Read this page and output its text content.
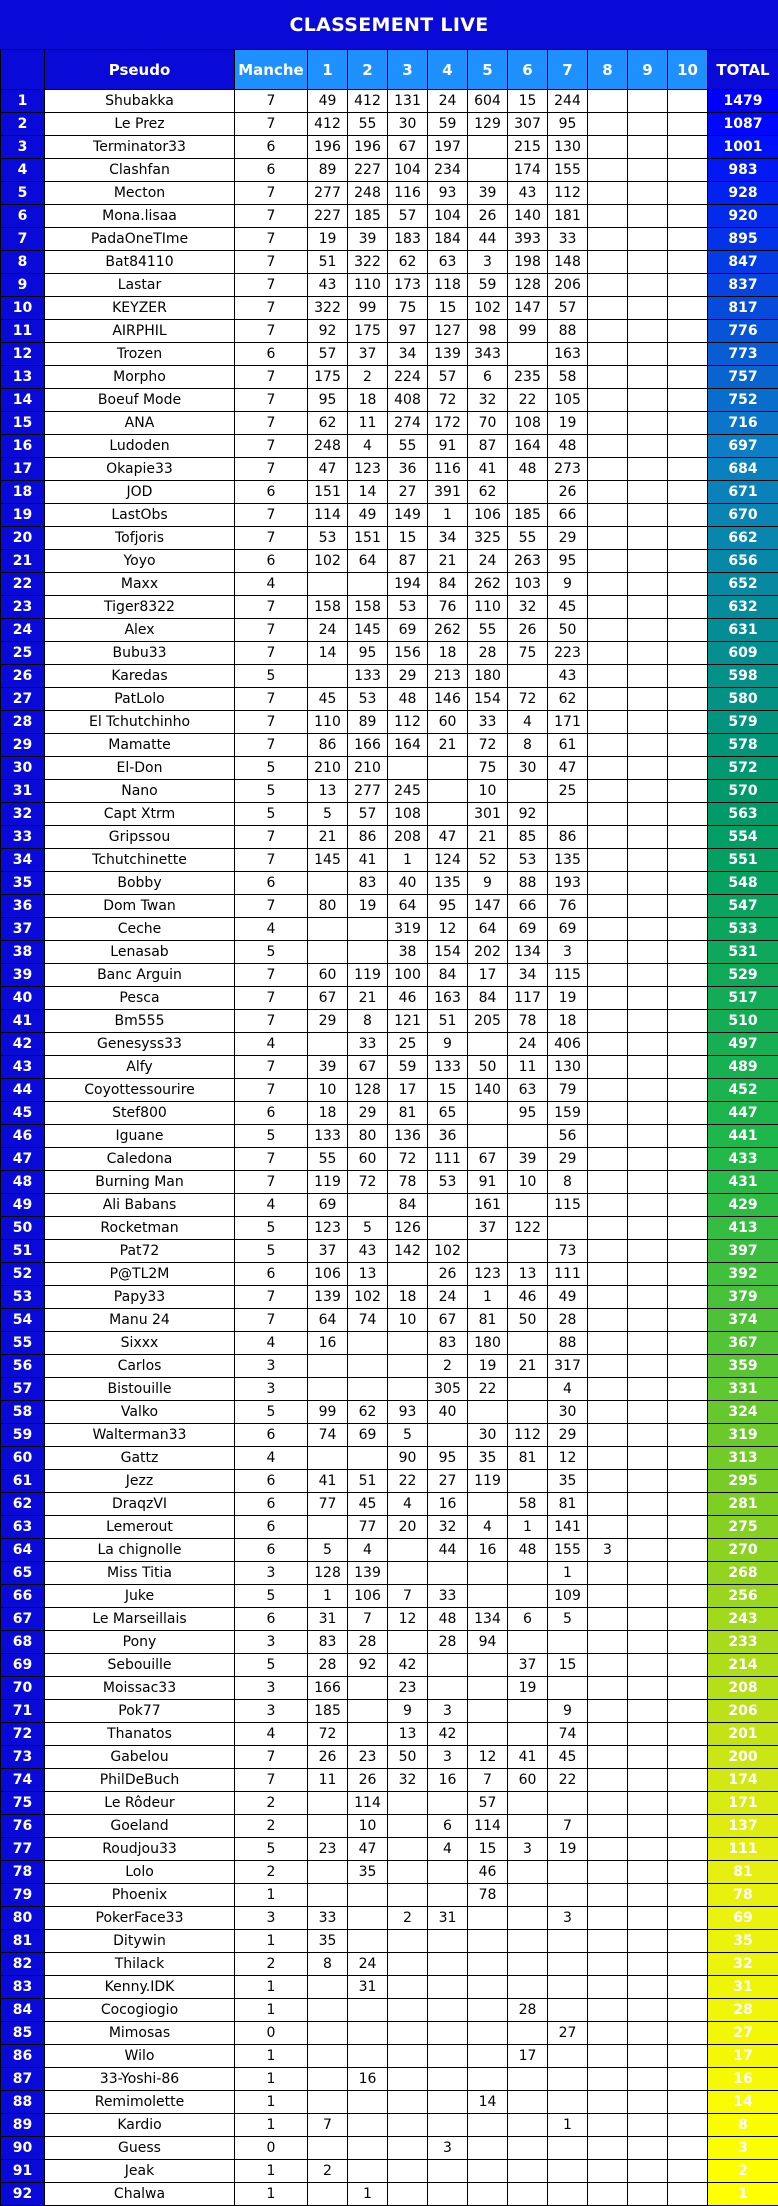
CLASSEMENT LIVE
	Pseudo	Manche	1	2	3	4	5	6	7	8	9	10	TOTAL
1	Shubakka	7	49	412	131	24	604	15	244				1479
2	Le Prez	7	412	55	30	59	129	307	95				1087
3	Terminator33	6	196	196	67	197		215	130				1001
4	Clashfan	6	89	227	104	234		174	155				983
5	Mecton	7	277	248	116	93	39	43	112				928
6	Mona.lisaa	7	227	185	57	104	26	140	181				920
7	PadaOneTIme	7	19	39	183	184	44	393	33				895
8	Bat84110	7	51	322	62	63	3	198	148				847
9	Lastar	7	43	110	173	118	59	128	206				837
10	KEYZER	7	322	99	75	15	102	147	57				817
11	AIRPHIL	7	92	175	97	127	98	99	88				776
12	Trozen	6	57	37	34	139	343		163				773
13	Morpho	7	175	2	224	57	6	235	58				757
14	Boeuf Mode	7	95	18	408	72	32	22	105				752
15	ANA	7	62	11	274	172	70	108	19				716
16	Ludoden	7	248	4	55	91	87	164	48				697
17	Okapie33	7	47	123	36	116	41	48	273				684
18	JOD	6	151	14	27	391	62		26				671
19	LastObs	7	114	49	149	1	106	185	66				670
20	Tofjoris	7	53	151	15	34	325	55	29				662
21	Yoyo	6	102	64	87	21	24	263	95				656
22	Maxx	4			194	84	262	103	9				652
23	Tiger8322	7	158	158	53	76	110	32	45				632
24	Alex	7	24	145	69	262	55	26	50				631
25	Bubu33	7	14	95	156	18	28	75	223				609
26	Karedas	5		133	29	213	180		43				598
27	PatLolo	7	45	53	48	146	154	72	62				580
28	El Tchutchinho	7	110	89	112	60	33	4	171				579
29	Mamatte	7	86	166	164	21	72	8	61				578
30	El-Don	5	210	210			75	30	47				572
31	Nano	5	13	277	245		10		25				570
32	Capt Xtrm	5	5	57	108		301	92					563
33	Gripssou	7	21	86	208	47	21	85	86				554
34	Tchutchinette	7	145	41	1	124	52	53	135				551
35	Bobby	6		83	40	135	9	88	193				548
36	Dom Twan	7	80	19	64	95	147	66	76				547
37	Ceche	4			319	12	64	69	69				533
38	Lenasab	5			38	154	202	134	3				531
39	Banc Arguin	7	60	119	100	84	17	34	115				529
40	Pesca	7	67	21	46	163	84	117	19				517
41	Bm555	7	29	8	121	51	205	78	18				510
42	Genesyss33	4		33	25	9		24	406				497
43	Alfy	7	39	67	59	133	50	11	130				489
44	Coyottessourire	7	10	128	17	15	140	63	79				452
45	Stef800	6	18	29	81	65		95	159				447
46	Iguane	5	133	80	136	36			56				441
47	Caledona	7	55	60	72	111	67	39	29				433
48	Burning Man	7	119	72	78	53	91	10	8				431
49	Ali Babans	4	69		84		161		115				429
50	Rocketman	5	123	5	126		37	122					413
51	Pat72	5	37	43	142	102			73				397
52	P@TL2M	6	106	13		26	123	13	111				392
53	Papy33	7	139	102	18	24	1	46	49				379
54	Manu 24	7	64	74	10	67	81	50	28				374
55	Sixxx	4	16			83	180		88				367
56	Carlos	3				2	19	21	317				359
57	Bistouille	3				305	22		4				331
58	Valko	5	99	62	93	40			30				324
59	Walterman33	6	74	69	5		30	112	29				319
60	Gattz	4			90	95	35	81	12				313
61	Jezz	6	41	51	22	27	119		35				295
62	DraqzVI	6	77	45	4	16		58	81				281
63	Lemerout	6		77	20	32	4	1	141				275
64	La chignolle	6	5	4		44	16	48	155	3			270
65	Miss Titia	3	128	139					1				268
66	Juke	5	1	106	7	33			109				256
67	Le Marseillais	6	31	7	12	48	134	6	5				243
68	Pony	3	83	28		28	94						233
69	Sebouille	5	28	92	42			37	15				214
70	Moissac33	3	166		23			19					208
71	Pok77	3	185		9	3			9				206
72	Thanatos	4	72		13	42			74				201
73	Gabelou	7	26	23	50	3	12	41	45				200
74	PhilDeBuch	7	11	26	32	16	7	60	22				174
75	Le Rôdeur	2		114			57						171
76	Goeland	2		10		6	114		7				137
77	Roudjou33	5	23	47		4	15	3	19				111
78	Lolo	2		35			46						81
79	Phoenix	1					78						78
80	PokerFace33	3	33		2	31			3				69
81	Ditywin	1	35										35
82	Thilack	2	8	24									32
83	Kenny.IDK	1		31									31
84	Cocogiogio	1						28					28
85	Mimosas	0							27				27
86	Wilo	1						17					17
87	33-Yoshi-86	1		16									16
88	Remimolette	1					14						14
89	Kardio	1	7						1				8
90	Guess	0				3							3
91	Jeak	1	2										2
92	Chalwa	1		1									1
